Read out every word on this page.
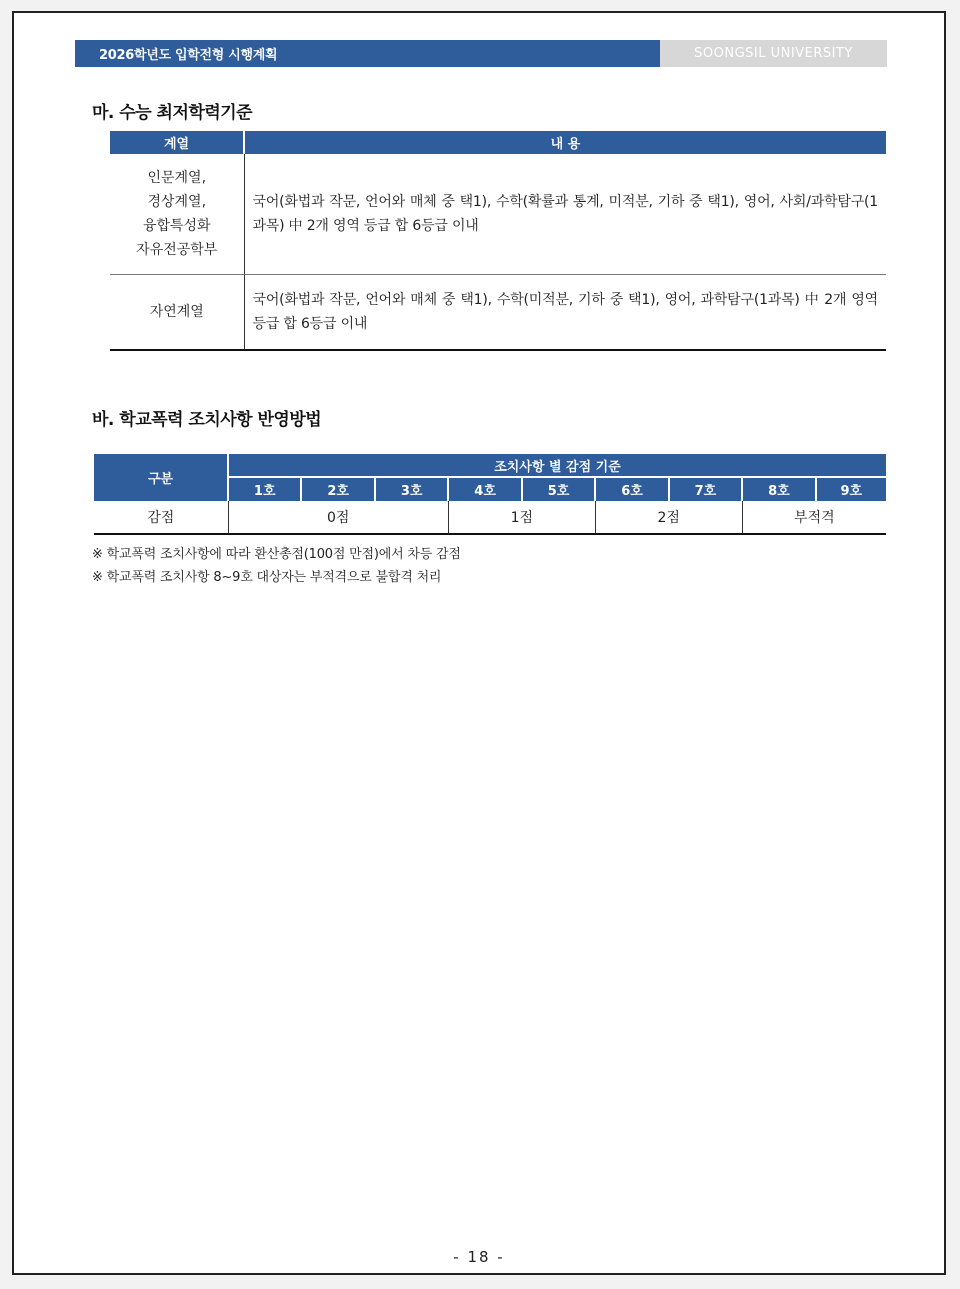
2026학년도 입학전형 시행계획	SOONGSIL UNIVERSITY
마. 수능 최저학력기준
계열	내 용

인문계열,
경상계열,
융합특성화
자유전공학부	국어(화법과 작문, 언어와 매체 중 택1), 수학(확률과 통계, 미적분, 기하 중 택1), 영어, 사회/과학탐구(1과목) 中 2개 영역 등급 합 6등급 이내

자연계열	국어(화법과 작문, 언어와 매체 중 택1), 수학(미적분, 기하 중 택1), 영어, 과학탐구(1과목) 中 2개 영역 등급 합 6등급 이내
바. 학교폭력 조치사항 반영방법
구분	조치사항 별 감점 기준								
	1호	2호	3호	4호	5호	6호	7호	8호	9호
감점	0점			1점		2점		부적격	
※ 학교폭력 조치사항에 따라 환산총점(100점 만점)에서 차등 감점
※ 학교폭력 조치사항 8~9호 대상자는 부적격으로 불합격 처리
- 18 -
